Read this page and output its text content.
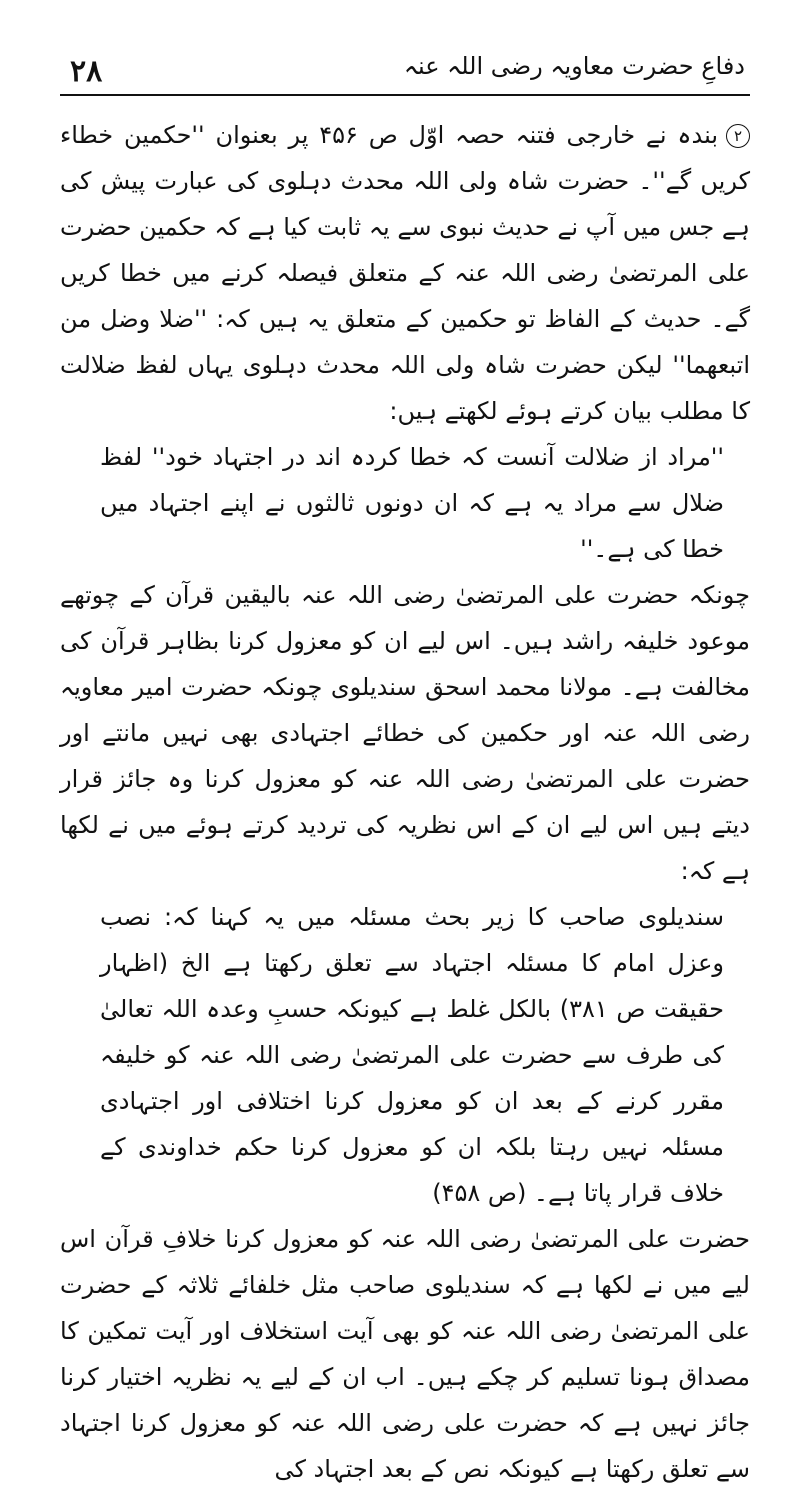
۲۸	دفاعِ حضرت معاویہ رضی اللہ عنہ

۲بندہ نے خارجی فتنہ حصہ اوّل ص ۴۵۶ پر بعنوان ''حکمین خطاء کریں گے''۔ حضرت شاہ ولی اللہ محدث دہلوی کی عبارت پیش کی ہے جس میں آپ نے حدیث نبوی سے یہ ثابت کیا ہے کہ حکمین حضرت علی المرتضیٰ رضی اللہ عنہ کے متعلق فیصلہ کرنے میں خطا کریں گے۔ حدیث کے الفاظ تو حکمین کے متعلق یہ ہیں کہ: ''ضلا وضل من اتبعھما'' لیکن حضرت شاہ ولی اللہ محدث دہلوی یہاں لفظ ضلالت کا مطلب بیان کرتے ہوئے لکھتے ہیں:

''مراد از ضلالت آنست کہ خطا کردہ اند در اجتہاد خود'' لفظ ضلال سے مراد یہ ہے کہ ان دونوں ثالثوں نے اپنے اجتہاد میں خطا کی ہے۔''

چونکہ حضرت علی المرتضیٰ رضی اللہ عنہ بالیقین قرآن کے چوتھے موعود خلیفہ راشد ہیں۔ اس لیے ان کو معزول کرنا بظاہر قرآن کی مخالفت ہے۔ مولانا محمد اسحق سندیلوی چونکہ حضرت امیر معاویہ رضی اللہ عنہ اور حکمین کی خطائے اجتہادی بھی نہیں مانتے اور حضرت علی المرتضیٰ رضی اللہ عنہ کو معزول کرنا وہ جائز قرار دیتے ہیں اس لیے ان کے اس نظریہ کی تردید کرتے ہوئے میں نے لکھا ہے کہ:

سندیلوی صاحب کا زیر بحث مسئلہ میں یہ کہنا کہ: نصب وعزل امام کا مسئلہ اجتہاد سے تعلق رکھتا ہے الخ (اظہار حقیقت ص ۳۸۱) بالکل غلط ہے کیونکہ حسبِ وعدہ اللہ تعالیٰ کی طرف سے حضرت علی المرتضیٰ رضی اللہ عنہ کو خلیفہ مقرر کرنے کے بعد ان کو معزول کرنا اختلافی اور اجتہادی مسئلہ نہیں رہتا بلکہ ان کو معزول کرنا حکم خداوندی کے خلاف قرار پاتا ہے۔ (ص ۴۵۸)

حضرت علی المرتضیٰ رضی اللہ عنہ کو معزول کرنا خلافِ قرآن اس لیے میں نے لکھا ہے کہ سندیلوی صاحب مثل خلفائے ثلاثہ کے حضرت علی المرتضیٰ رضی اللہ عنہ کو بھی آیت استخلاف اور آیت تمکین کا مصداق ہونا تسلیم کر چکے ہیں۔ اب ان کے لیے یہ نظریہ اختیار کرنا جائز نہیں ہے کہ حضرت علی رضی اللہ عنہ کو معزول کرنا اجتہاد سے تعلق رکھتا ہے کیونکہ نص کے بعد اجتہاد کی
